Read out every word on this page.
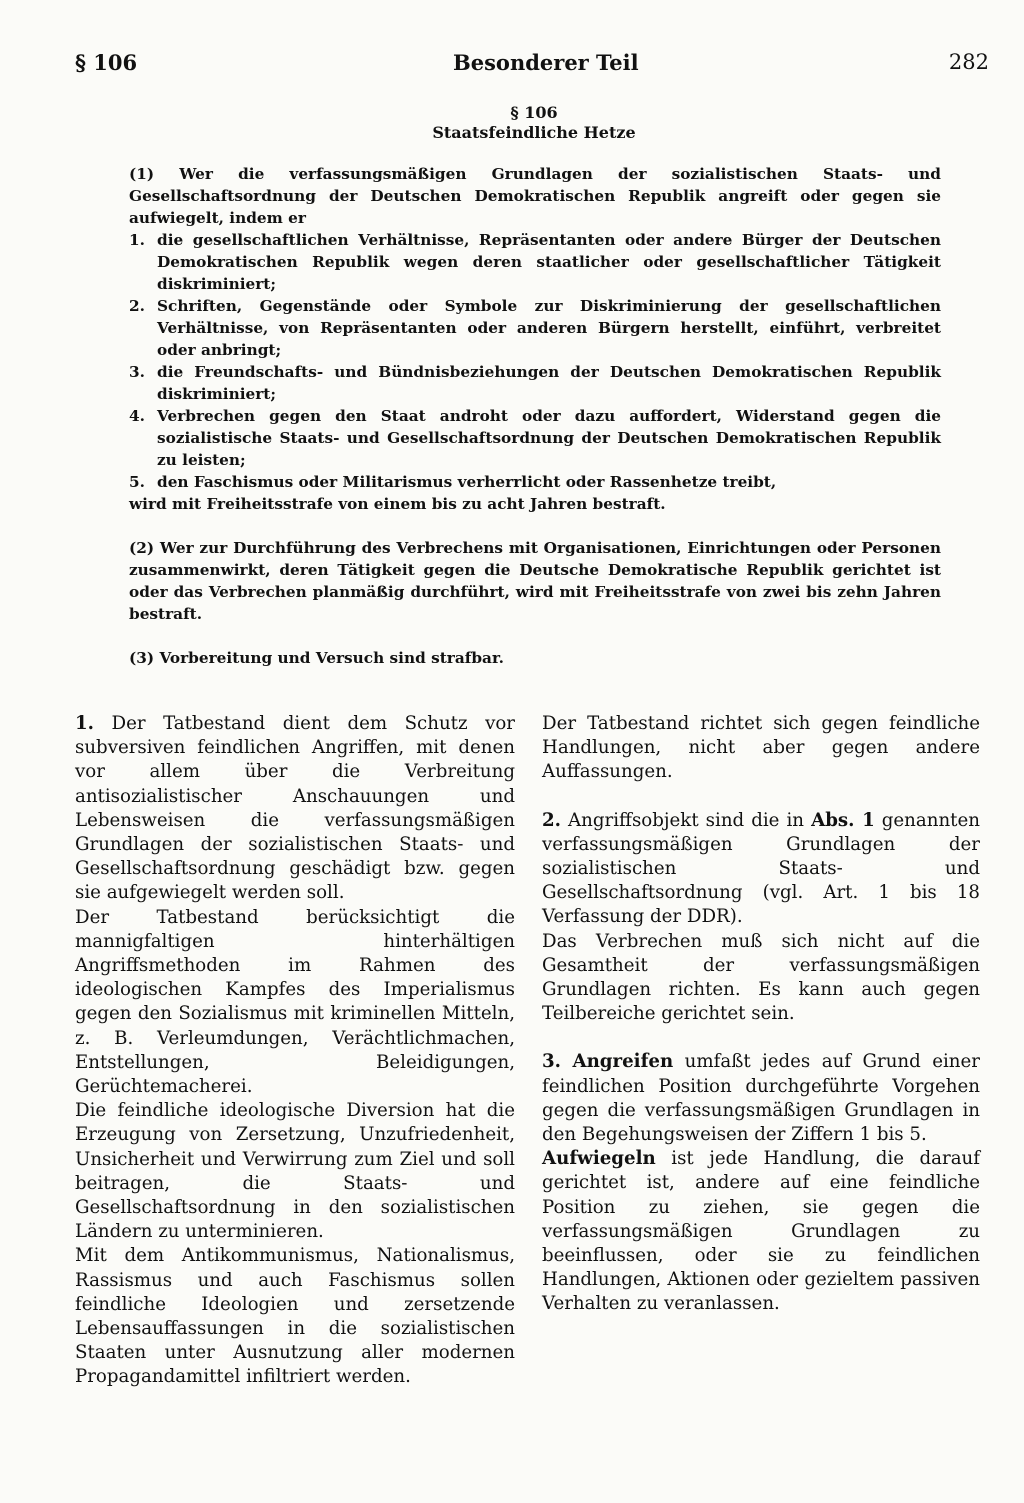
§ 106	Besonderer Teil	282
§ 106
Staatsfeindliche Hetze

(1) Wer die verfassungsmäßigen Grundlagen der sozialistischen Staats- und Gesellschaftsordnung der Deutschen Demokratischen Republik angreift oder gegen sie aufwiegelt, indem er

1. die gesellschaftlichen Verhältnisse, Repräsentanten oder andere Bürger der Deutschen Demokratischen Republik wegen deren staatlicher oder gesellschaftlicher Tätigkeit diskriminiert;
2. Schriften, Gegenstände oder Symbole zur Diskriminierung der gesellschaftlichen Verhältnisse, von Repräsentanten oder anderen Bürgern herstellt, einführt, verbreitet oder anbringt;
3. die Freundschafts- und Bündnisbeziehungen der Deutschen Demokratischen Republik diskriminiert;
4. Verbrechen gegen den Staat androht oder dazu auffordert, Widerstand gegen die sozialistische Staats- und Gesellschaftsordnung der Deutschen Demokratischen Republik zu leisten;
5. den Faschismus oder Militarismus verherrlicht oder Rassenhetze treibt,

wird mit Freiheitsstrafe von einem bis zu acht Jahren bestraft.

(2) Wer zur Durchführung des Verbrechens mit Organisationen, Einrichtungen oder Personen zusammenwirkt, deren Tätigkeit gegen die Deutsche Demokratische Republik gerichtet ist oder das Verbrechen planmäßig durchführt, wird mit Freiheitsstrafe von zwei bis zehn Jahren bestraft.

(3) Vorbereitung und Versuch sind strafbar.

1. Der Tatbestand dient dem Schutz vor subversiven feindlichen Angriffen, mit denen vor allem über die Verbreitung antisozialistischer Anschauungen und Lebensweisen die verfassungsmäßigen Grundlagen der sozialistischen Staats- und Gesellschaftsordnung geschädigt bzw. gegen sie aufgewiegelt werden soll.

Der Tatbestand berücksichtigt die mannigfaltigen hinterhältigen Angriffsmethoden im Rahmen des ideologischen Kampfes des Imperialismus gegen den Sozialismus mit kriminellen Mitteln, z. B. Verleumdungen, Verächtlichmachen, Entstellungen, Beleidigungen, Gerüchtemacherei.

Die feindliche ideologische Diversion hat die Erzeugung von Zersetzung, Unzufriedenheit, Unsicherheit und Verwirrung zum Ziel und soll beitragen, die Staats- und Gesellschaftsordnung in den sozialistischen Ländern zu unterminieren.

Mit dem Antikommunismus, Nationalismus, Rassismus und auch Faschismus sollen feindliche Ideologien und zersetzende Lebensauffassungen in die sozialistischen Staaten unter Ausnutzung aller modernen Propagandamittel infiltriert werden.

Der Tatbestand richtet sich gegen feindliche Handlungen, nicht aber gegen andere Auffassungen.

2. Angriffsobjekt sind die in Abs. 1 genannten verfassungsmäßigen Grundlagen der sozialistischen Staats- und Gesellschaftsordnung (vgl. Art. 1 bis 18 Verfassung der DDR).

Das Verbrechen muß sich nicht auf die Gesamtheit der verfassungsmäßigen Grundlagen richten. Es kann auch gegen Teilbereiche gerichtet sein.

3. Angreifen umfaßt jedes auf Grund einer feindlichen Position durchgeführte Vorgehen gegen die verfassungsmäßigen Grundlagen in den Begehungsweisen der Ziffern 1 bis 5.

Aufwiegeln ist jede Handlung, die darauf gerichtet ist, andere auf eine feindliche Position zu ziehen, sie gegen die verfassungsmäßigen Grundlagen zu beeinflussen, oder sie zu feindlichen Handlungen, Aktionen oder gezieltem passiven Verhalten zu veranlassen.
